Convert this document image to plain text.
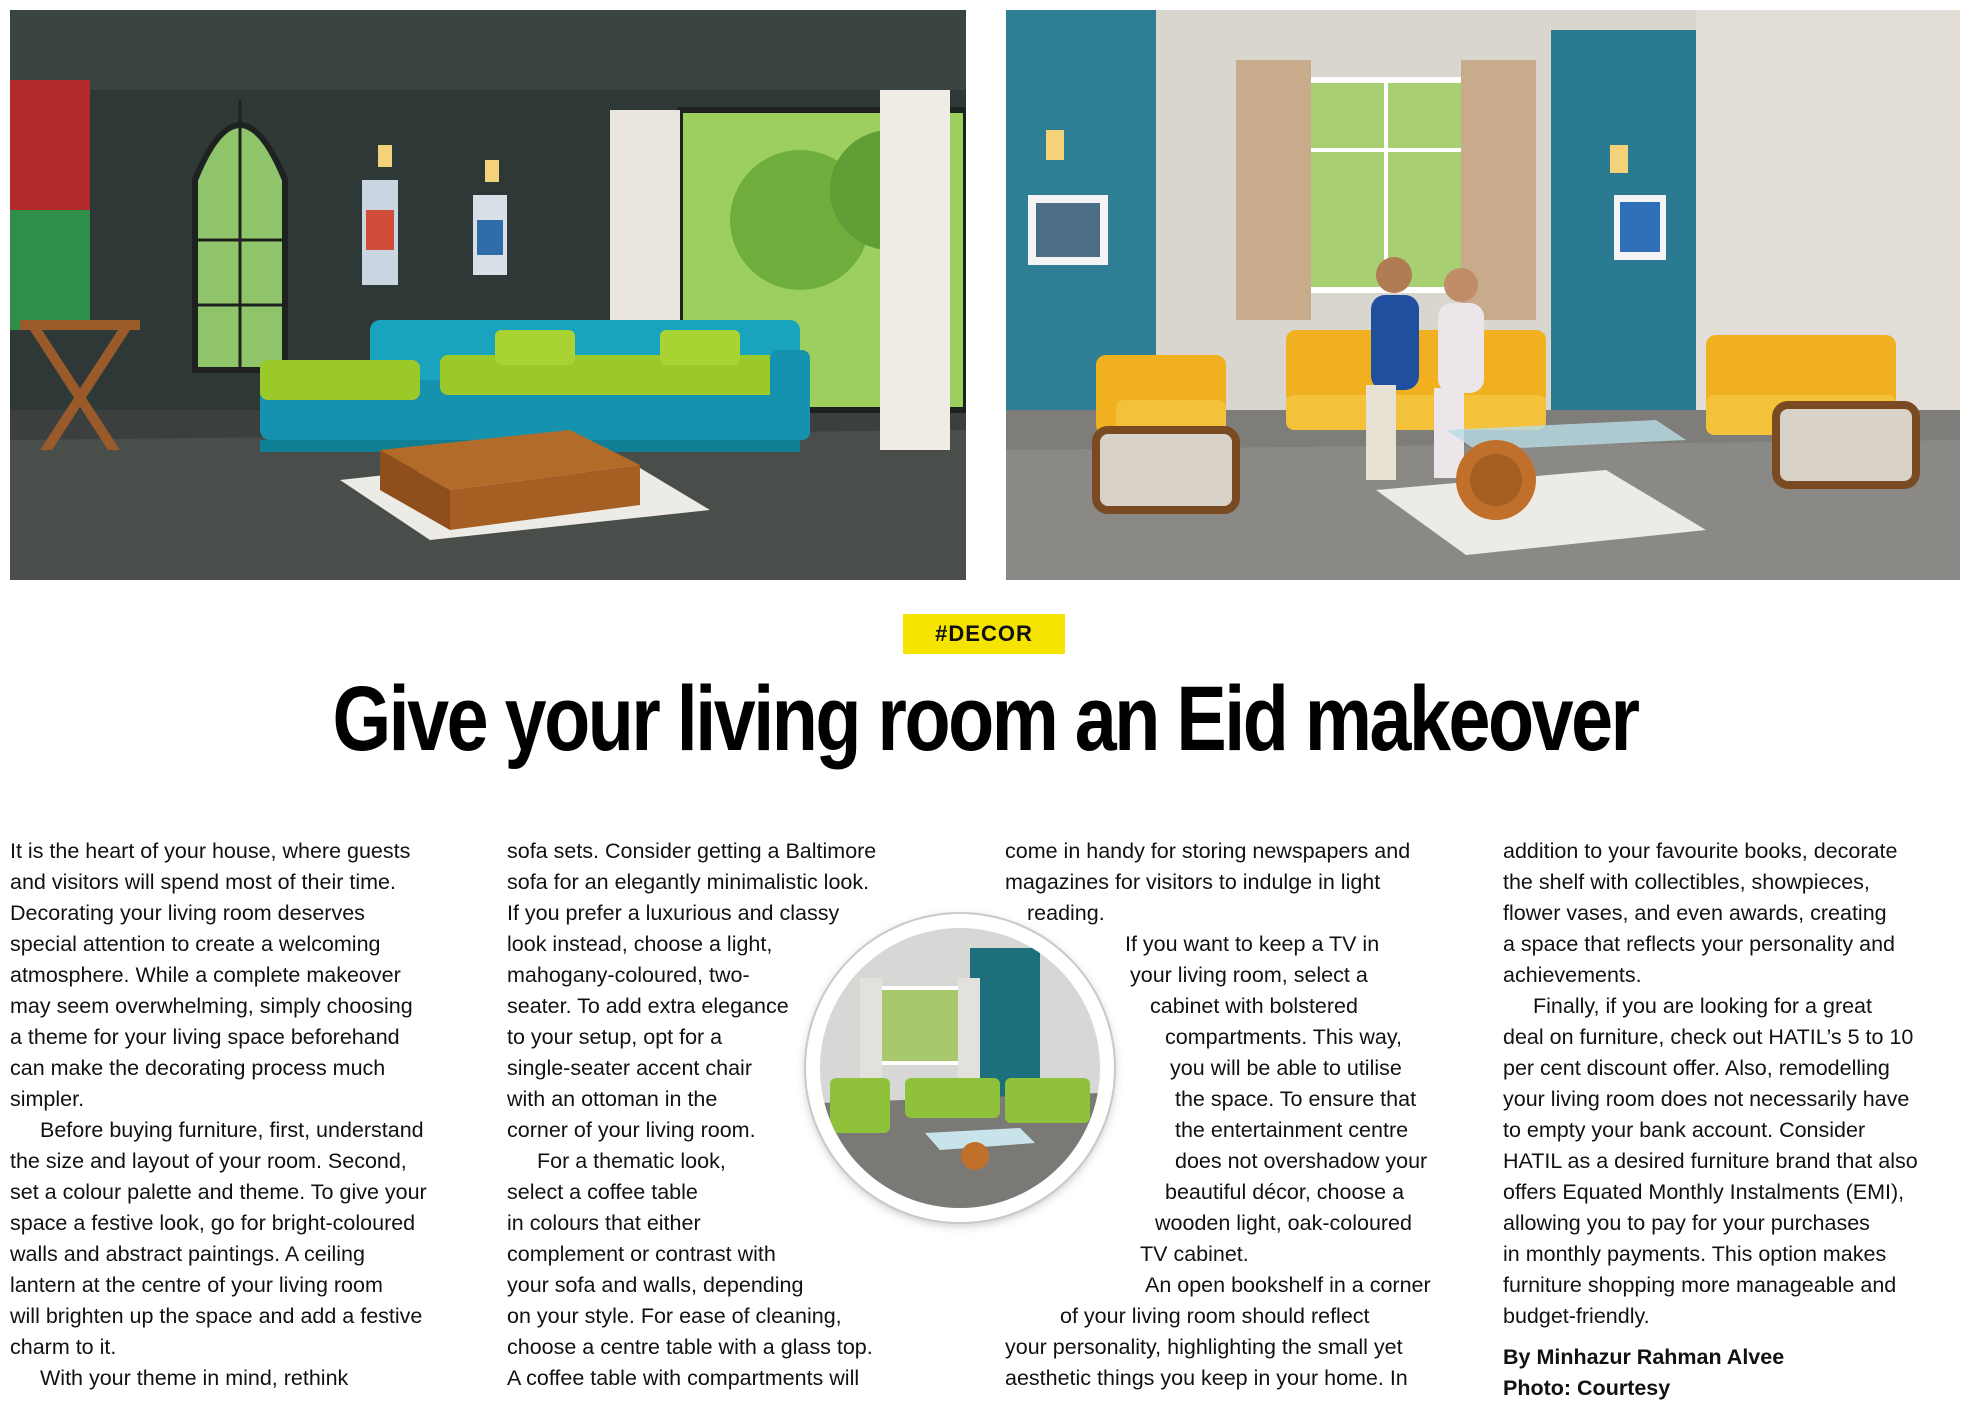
#DECOR
Give your living room an Eid makeover
It is the heart of your house, where guests
and visitors will spend most of their time.
Decorating your living room deserves
special attention to create a welcoming
atmosphere. While a complete makeover
may seem overwhelming, simply choosing
a theme for your living space beforehand
can make the decorating process much
simpler.
Before buying furniture, first, understand
the size and layout of your room. Second,
set a colour palette and theme. To give your
space a festive look, go for bright-coloured
walls and abstract paintings. A ceiling
lantern at the centre of your living room
will brighten up the space and add a festive
charm to it.
With your theme in mind, rethink
sofa sets. Consider getting a Baltimore
sofa for an elegantly minimalistic look.
If you prefer a luxurious and classy
look instead, choose a light,
mahogany-coloured, two-
seater. To add extra elegance
to your setup, opt for a
single-seater accent chair
with an ottoman in the
corner of your living room.
For a thematic look,
select a coffee table
in colours that either
complement or contrast with
your sofa and walls, depending
on your style. For ease of cleaning,
choose a centre table with a glass top.
A coffee table with compartments will
come in handy for storing newspapers and
magazines for visitors to indulge in light
reading.
If you want to keep a TV in
your living room, select a
cabinet with bolstered
compartments. This way,
you will be able to utilise
the space. To ensure that
the entertainment centre
does not overshadow your
beautiful décor, choose a
wooden light, oak-coloured
TV cabinet.
An open bookshelf in a corner
of your living room should reflect
your personality, highlighting the small yet
aesthetic things you keep in your home. In
addition to your favourite books, decorate
the shelf with collectibles, showpieces,
flower vases, and even awards, creating
a space that reflects your personality and
achievements.
Finally, if you are looking for a great
deal on furniture, check out HATIL’s 5 to 10
per cent discount offer. Also, remodelling
your living room does not necessarily have
to empty your bank account. Consider
HATIL as a desired furniture brand that also
offers Equated Monthly Instalments (EMI),
allowing you to pay for your purchases
in monthly payments. This option makes
furniture shopping more manageable and
budget-friendly.
By Minhazur Rahman Alvee
Photo: Courtesy
